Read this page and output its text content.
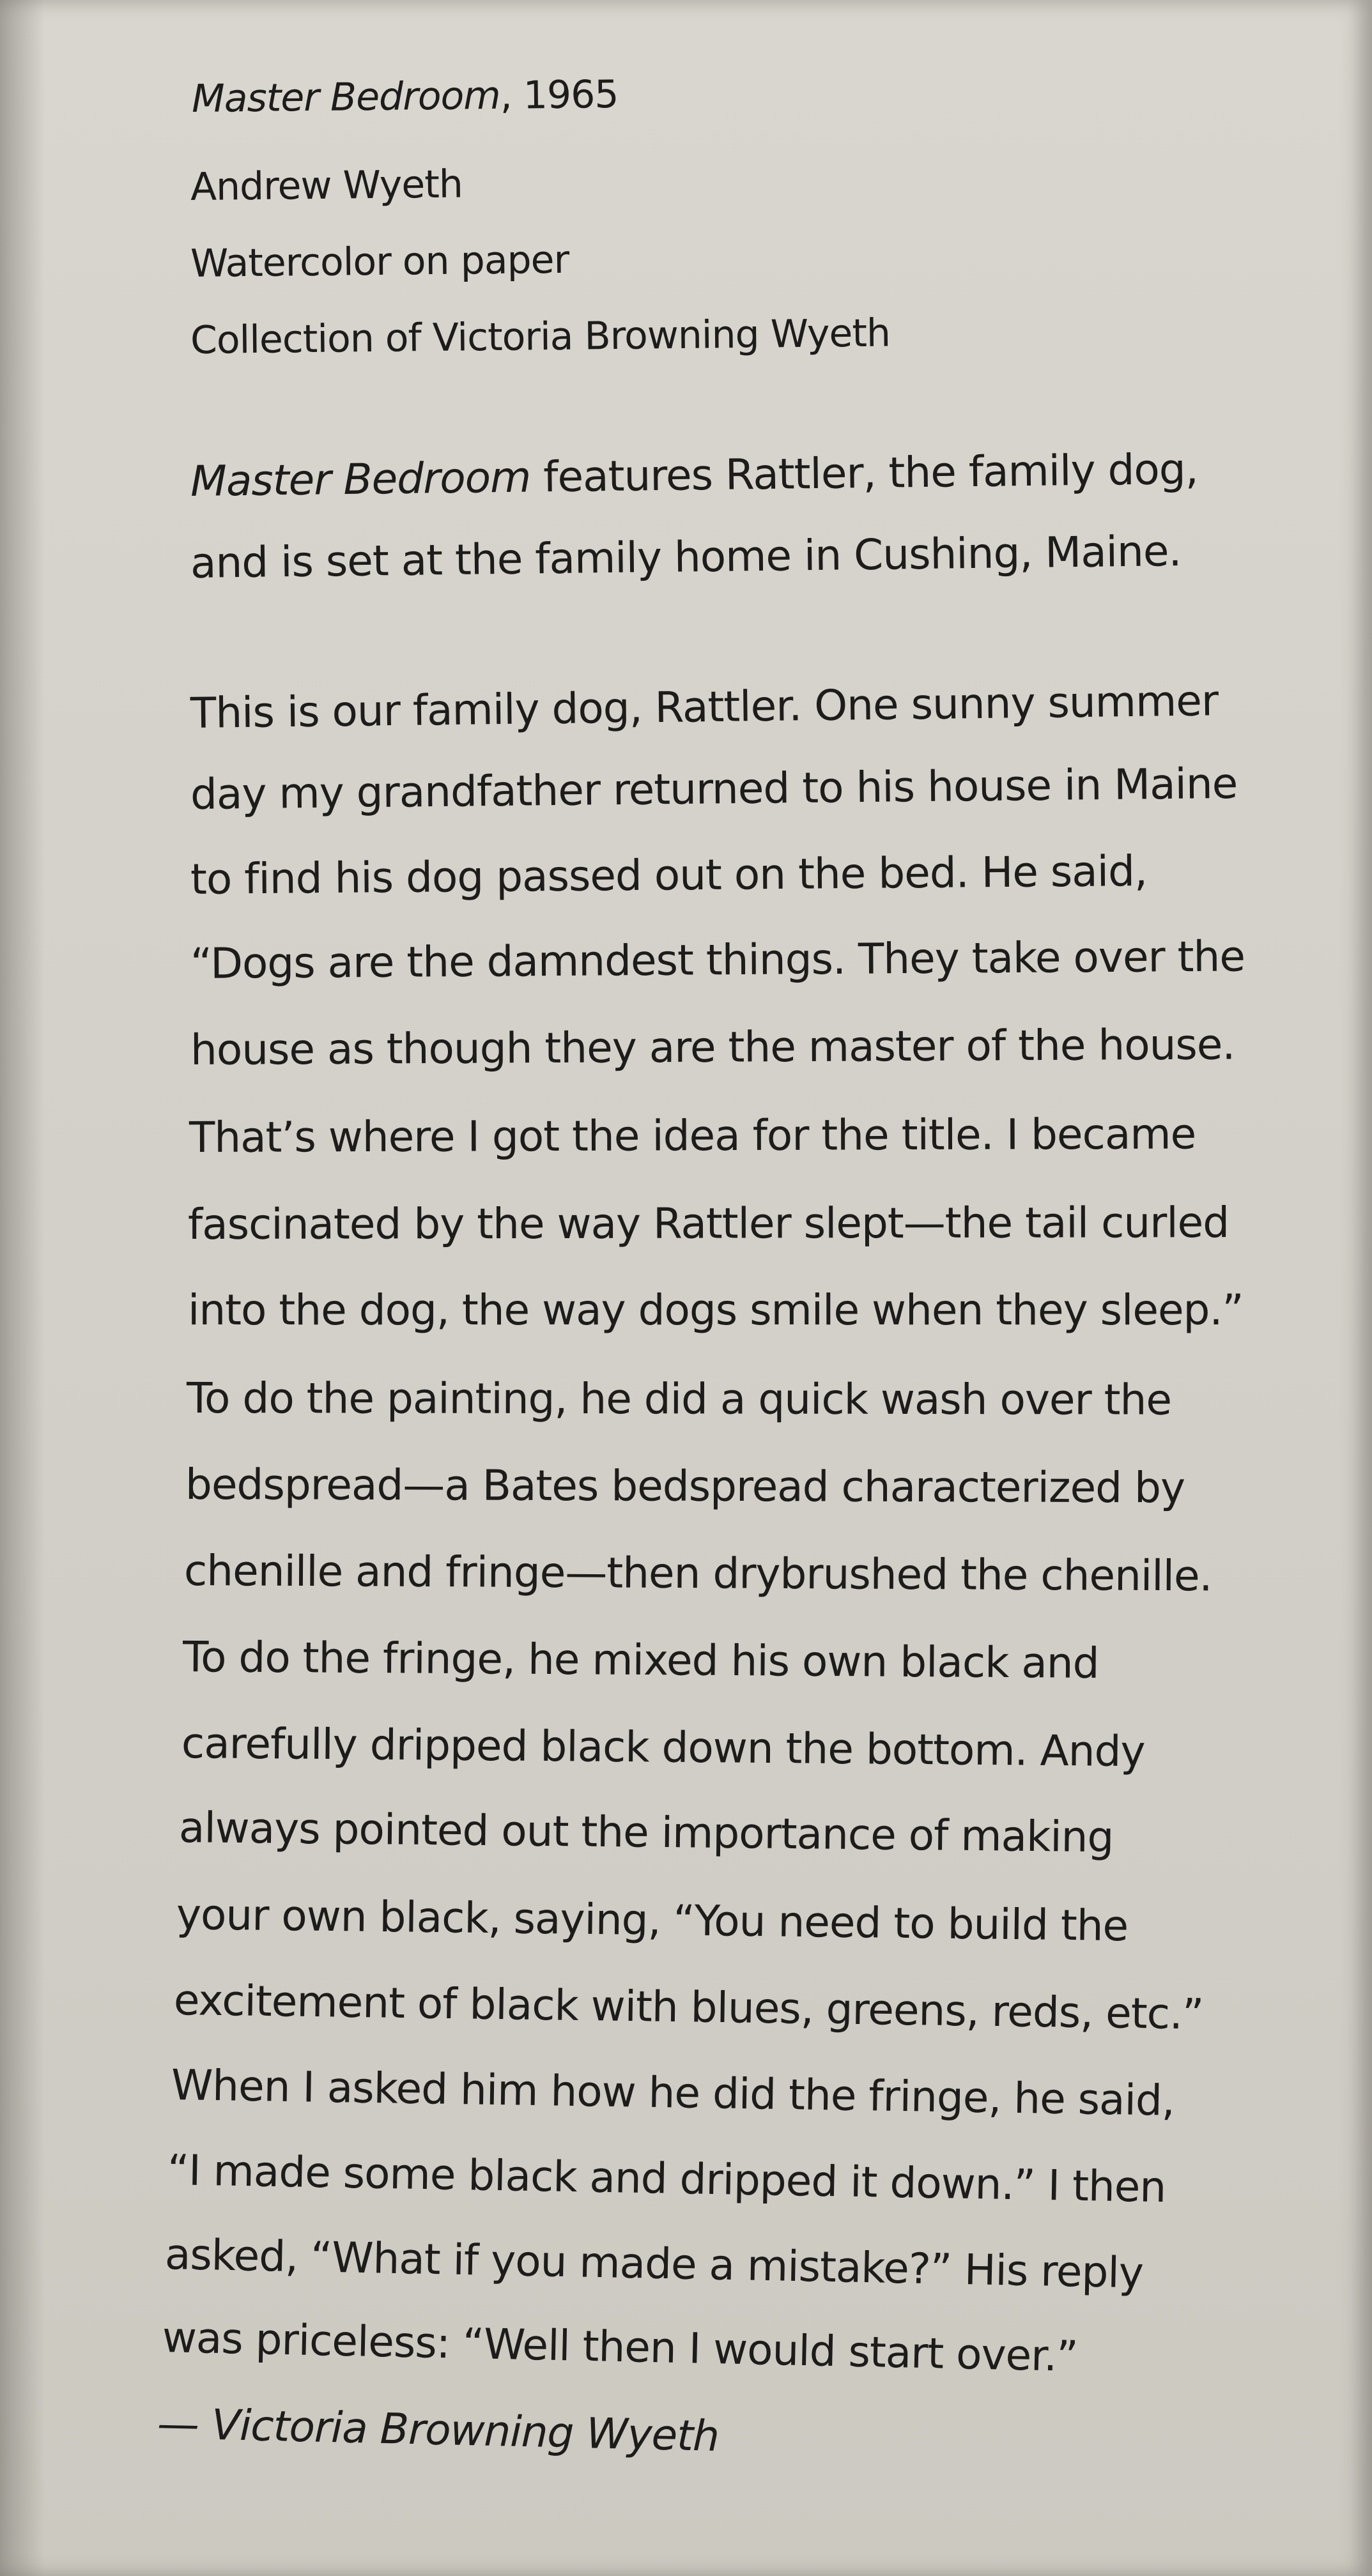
Master Bedroom, 1965
Andrew Wyeth
Watercolor on paper
Collection of Victoria Browning Wyeth
Master Bedroom features Rattler, the family dog,
and is set at the family home in Cushing, Maine.
This is our family dog, Rattler. One sunny summer
day my grandfather returned to his house in Maine
to find his dog passed out on the bed. He said,
“Dogs are the damndest things. They take over the
house as though they are the master of the house.
That’s where I got the idea for the title. I became
fascinated by the way Rattler slept—the tail curled
into the dog, the way dogs smile when they sleep.”
To do the painting, he did a quick wash over the
bedspread—a Bates bedspread characterized by
chenille and fringe—then drybrushed the chenille.
To do the fringe, he mixed his own black and
carefully dripped black down the bottom. Andy
always pointed out the importance of making
your own black, saying, “You need to build the
excitement of black with blues, greens, reds, etc.”
When I asked him how he did the fringe, he said,
“I made some black and dripped it down.” I then
asked, “What if you made a mistake?” His reply
was priceless: “Well then I would start over.”
— Victoria Browning Wyeth
